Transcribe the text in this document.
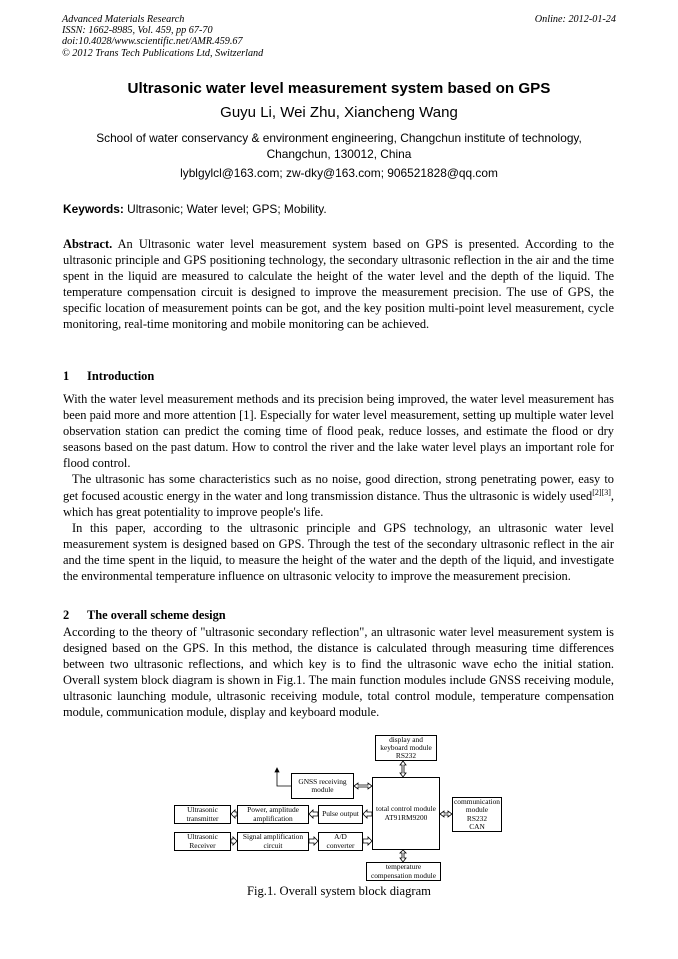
Advanced Materials Research
ISSN: 1662-8985, Vol. 459, pp 67-70
doi:10.4028/www.scientific.net/AMR.459.67
© 2012 Trans Tech Publications Ltd, Switzerland
Online: 2012-01-24
Ultrasonic water level measurement system based on GPS
Guyu Li, Wei Zhu, Xiancheng Wang
School of water conservancy & environment engineering, Changchun institute of technology,
Changchun, 130012, China
lyblgylcl@163.com; zw-dky@163.com; 906521828@qq.com
Keywords: Ultrasonic; Water level; GPS; Mobility.

Abstract. An Ultrasonic water level measurement system based on GPS is presented. According to the ultrasonic principle and GPS positioning technology, the secondary ultrasonic reflection in the air and the time spent in the liquid are measured to calculate the height of the water level and the depth of the liquid. The temperature compensation circuit is designed to improve the measurement precision. The use of GPS, the specific location of measurement points can be got, and the key position multi-point level measurement, cycle monitoring, real-time monitoring and mobile monitoring can be achieved.

1 Introduction

With the water level measurement methods and its precision being improved, the water level measurement has been paid more and more attention [1]. Especially for water level measurement, setting up multiple water level observation station can predict the coming time of flood peak, reduce losses, and estimate the flood or dry seasons based on the past datum. How to control the river and the lake water level plays an important role for flood control.

The ultrasonic has some characteristics such as no noise, good direction, strong penetrating power, easy to get focused acoustic energy in the water and long transmission distance. Thus the ultrasonic is widely used[2][3], which has great potentiality to improve people's life.

In this paper, according to the ultrasonic principle and GPS technology, an ultrasonic water level measurement system is designed based on GPS. Through the test of the secondary ultrasonic reflect in the air and the time spent in the liquid, to measure the height of the water and the depth of the liquid, and investigate the environmental temperature influence on ultrasonic velocity to improve the measurement precision.

2 The overall scheme design

According to the theory of "ultrasonic secondary reflection", an ultrasonic water level measurement system is designed based on the GPS. In this method, the distance is calculated through measuring time differences between two ultrasonic reflections, and which key is to find the ultrasonic wave echo the initial station. Overall system block diagram is shown in Fig.1. The main function modules include GNSS receiving module, ultrasonic launching module, ultrasonic receiving module, total control module, temperature compensation module, communication module, display and keyboard module.

display and
keyboard module
RS232
GNSS receiving
module
total control module
AT91RM9200
communication
module
RS232
CAN
Ultrasonic
transmitter
Power, amplitude
amplification	Pulse output
Ultrasonic
Receiver
Signal amplification
circuit
A/D
converter
temperature
compensation module
Fig.1. Overall system block diagram
